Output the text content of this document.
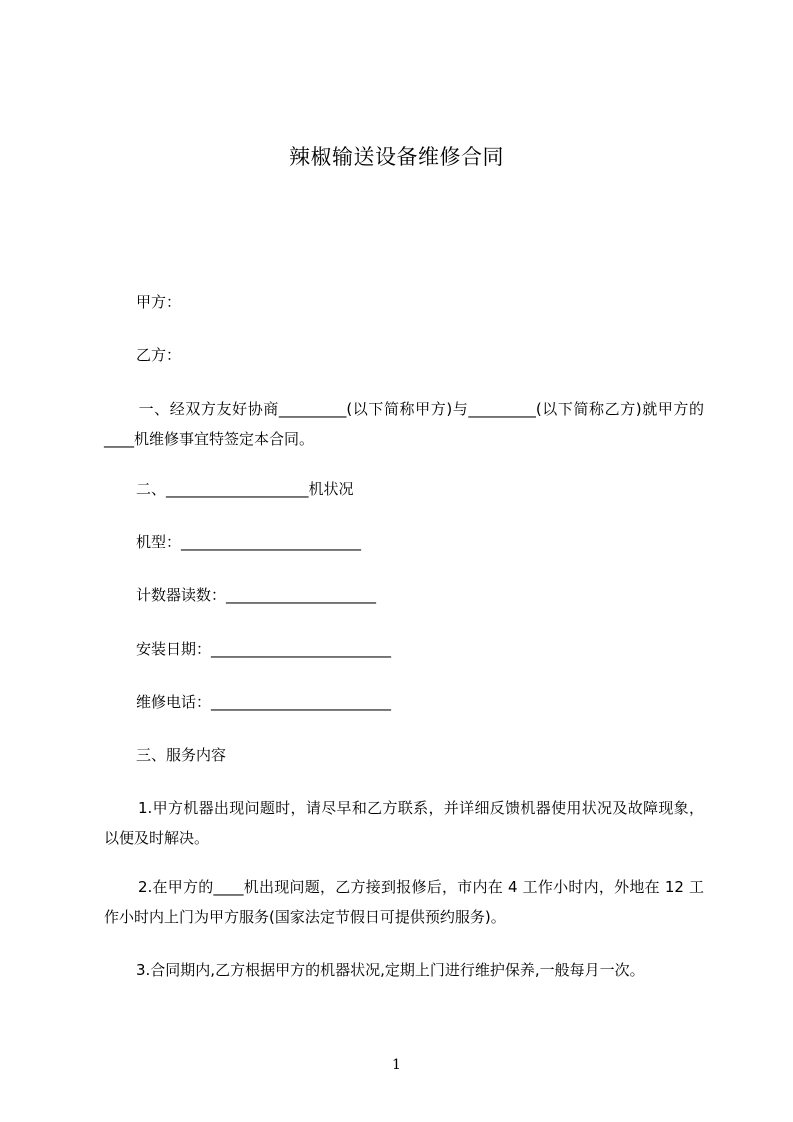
辣椒输送设备维修合同
甲方：
乙方：
一、经双方友好协商_________(以下简称甲方)与_________(以下简称乙方)就甲方的____机维修事宜特签定本合同。
二、___________________机状况
机型：________________________
计数器读数：____________________
安装日期：________________________
维修电话：________________________
三、服务内容
1.甲方机器出现问题时，请尽早和乙方联系，并详细反馈机器使用状况及故障现象，以便及时解决。
2.在甲方的____机出现问题，乙方接到报修后，市内在 4 工作小时内，外地在 12 工作小时内上门为甲方服务(国家法定节假日可提供预约服务)。
3.合同期内,乙方根据甲方的机器状况,定期上门进行维护保养,一般每月一次。
1
